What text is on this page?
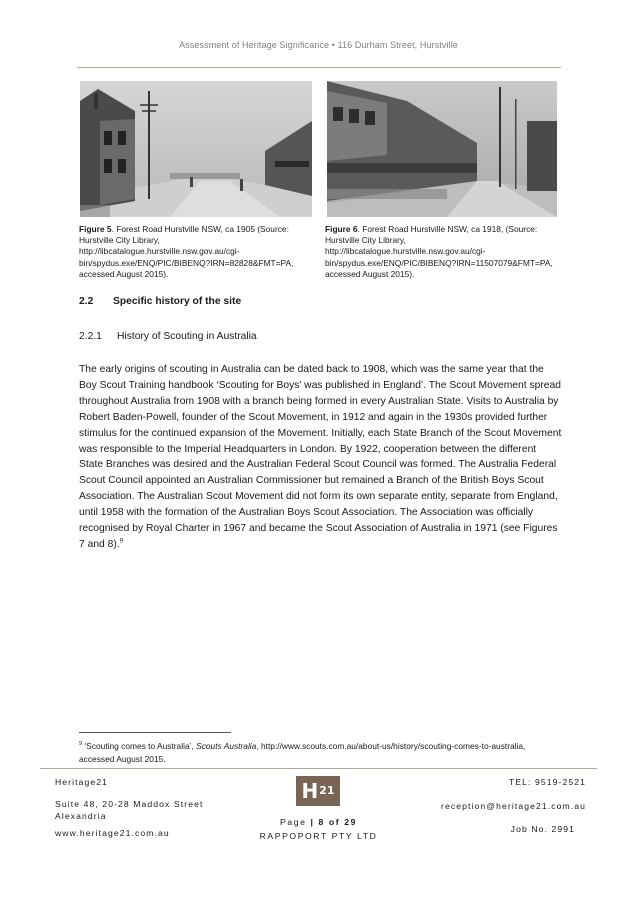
Assessment of Heritage Significance • 116 Durham Street, Hurstville
Figure 5. Forest Road Hurstville NSW, ca 1905 (Source: Hurstville City Library, http://libcatalogue.hurstville.nsw.gov.au/cgi-bin/spydus.exe/ENQ/PIC/BIBENQ?IRN=82828&FMT=PA, accessed August 2015).
Figure 6. Forest Road Hurstville NSW, ca 1918, (Source: Hurstville City Library, http://libcatalogue.hurstville.nsw.gov.au/cgi-bin/spydus.exe/ENQ/PIC/BIBENQ?IRN=11507079&FMT=PA, accessed August 2015).
2.2 Specific history of the site
2.2.1 History of Scouting in Australia
The early origins of scouting in Australia can be dated back to 1908, which was the same year that the Boy Scout Training handbook ‘Scouting for Boys’ was published in England’. The Scout Movement spread throughout Australia from 1908 with a branch being formed in every Australian State. Visits to Australia by Robert Baden-Powell, founder of the Scout Movement, in 1912 and again in the 1930s provided further stimulus for the continued expansion of the Movement. Initially, each State Branch of the Scout Movement was responsible to the Imperial Headquarters in London. By 1922, cooperation between the different State Branches was desired and the Australian Federal Scout Council was formed. The Australia Federal Scout Council appointed an Australian Commissioner but remained a Branch of the British Boys Scout Association. The Australian Scout Movement did not form its own separate entity, separate from England, until 1958 with the formation of the Australian Boys Scout Association. The Association was officially recognised by Royal Charter in 1967 and became the Scout Association of Australia in 1971 (see Figures 7 and 8).$^9$
$^9$ ‘Scouting comes to Australia’, Scouts Australia, http://www.scouts.com.au/about-us/history/scouting-comes-to-australia, accessed August 2015.
Heritage21
Suite 48, 20-28 Maddox Street
Alexandria
www.heritage21.com.au
H 21
Page | 8 of 29
RAPPOPORT PTY LTD
TEL: 9519-2521
reception@heritage21.com.au
Job No. 2991
